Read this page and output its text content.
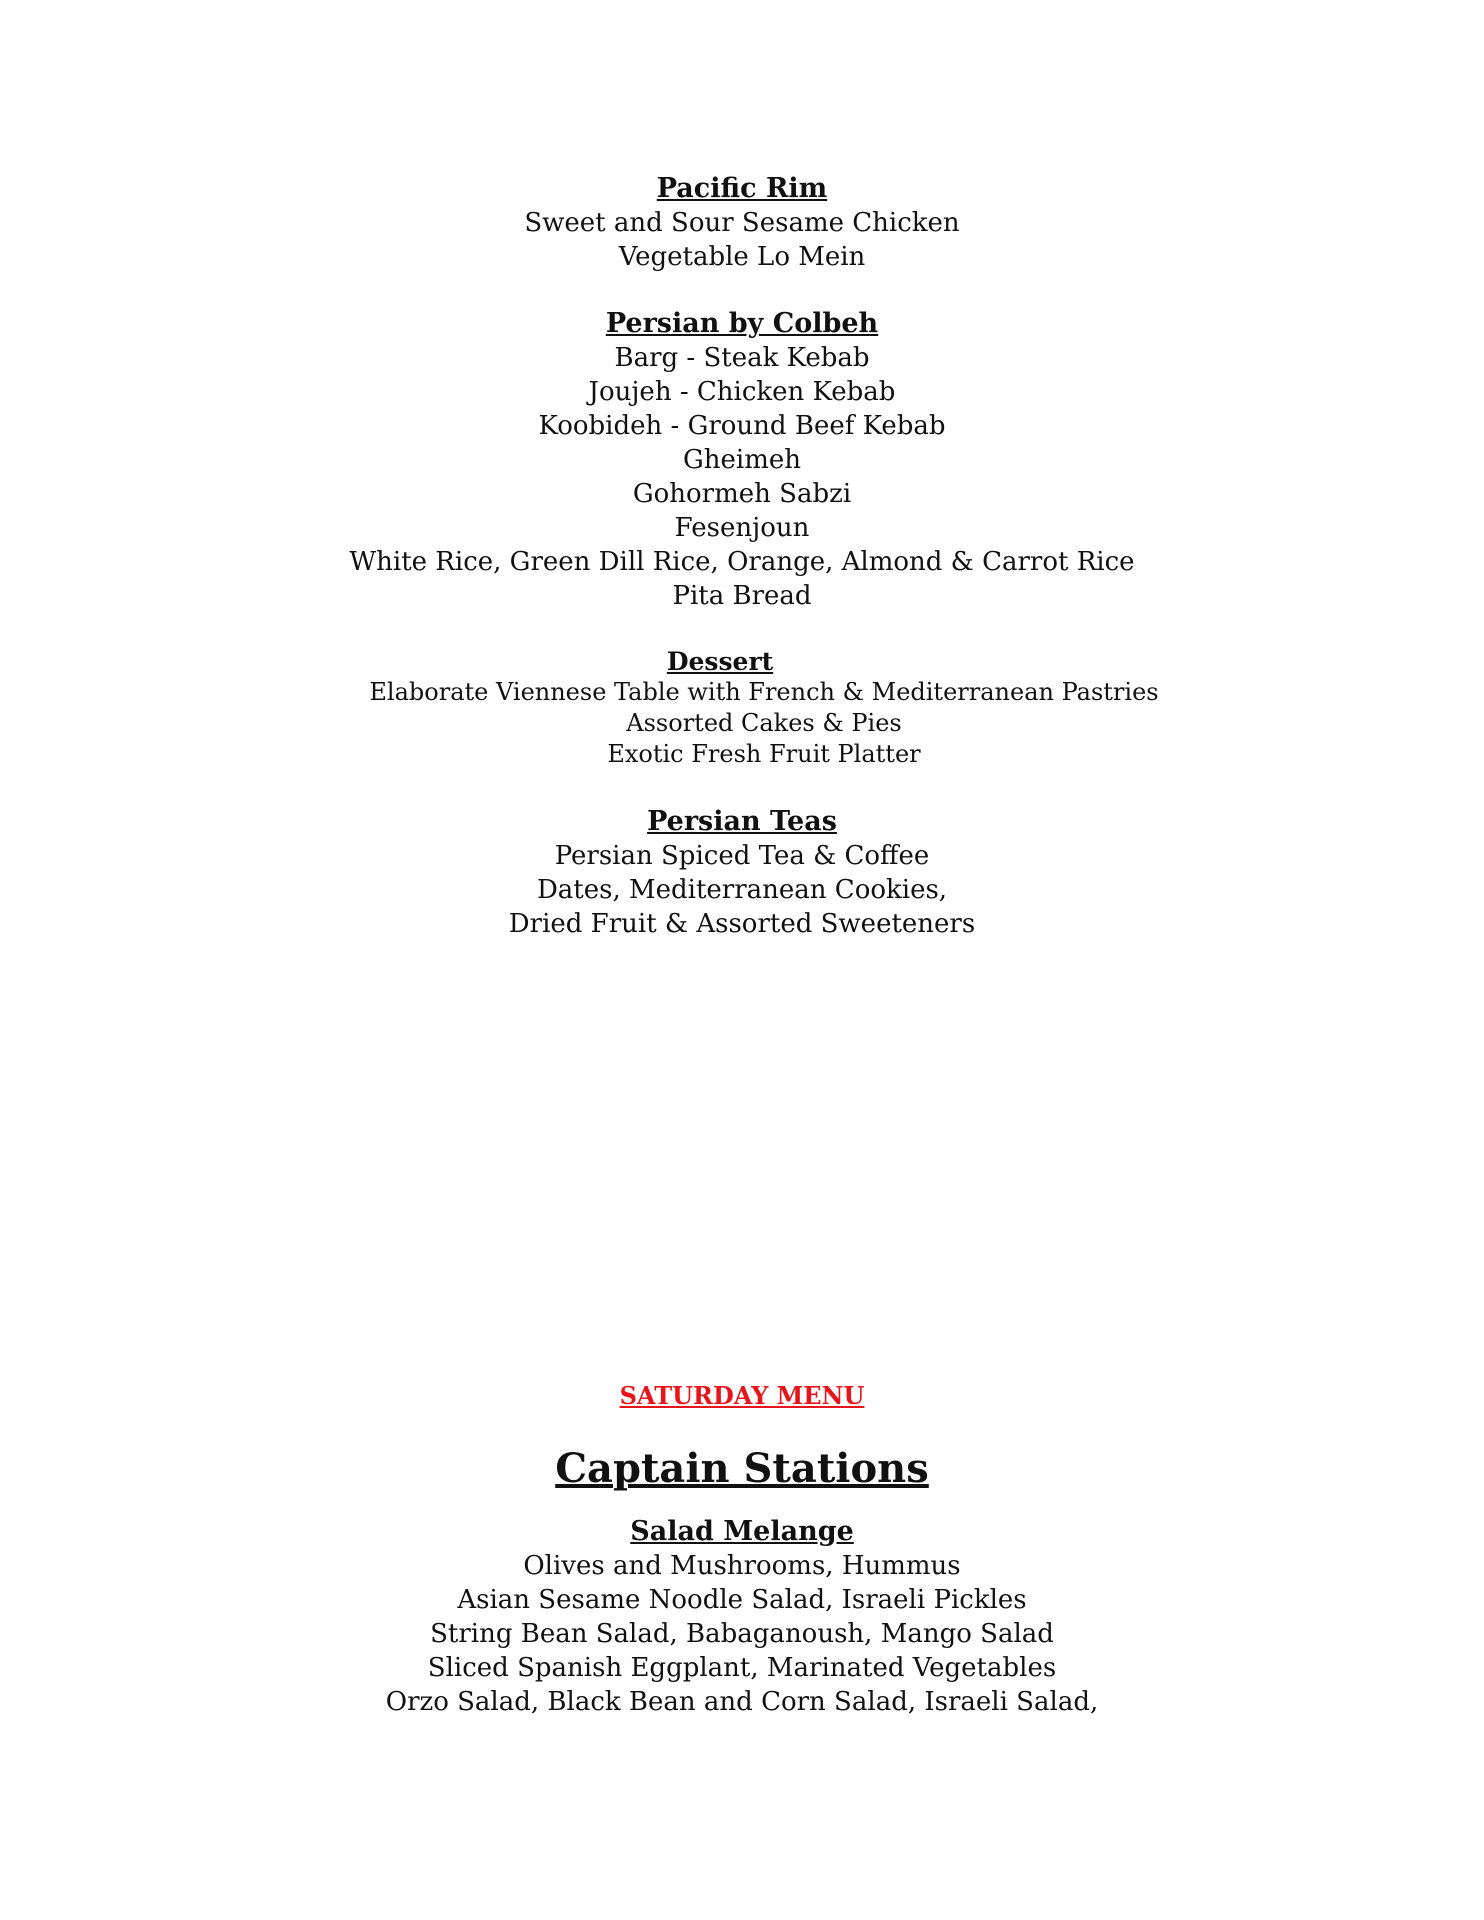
Pacific Rim

Sweet and Sour Sesame Chicken

Vegetable Lo Mein

Persian by Colbeh

Barg - Steak Kebab

Joujeh - Chicken Kebab

Koobideh - Ground Beef Kebab

Gheimeh

Gohormeh Sabzi

Fesenjoun

White Rice, Green Dill Rice, Orange, Almond & Carrot Rice

Pita Bread

Dessert

Elaborate Viennese Table with French & Mediterranean Pastries

Assorted Cakes & Pies

Exotic Fresh Fruit Platter

Persian Teas

Persian Spiced Tea & Coffee

Dates, Mediterranean Cookies,

Dried Fruit & Assorted Sweeteners

SATURDAY MENU

Captain Stations

Salad Melange

Olives and Mushrooms, Hummus

Asian Sesame Noodle Salad, Israeli Pickles

String Bean Salad, Babaganoush, Mango Salad

Sliced Spanish Eggplant, Marinated Vegetables

Orzo Salad, Black Bean and Corn Salad, Israeli Salad,
